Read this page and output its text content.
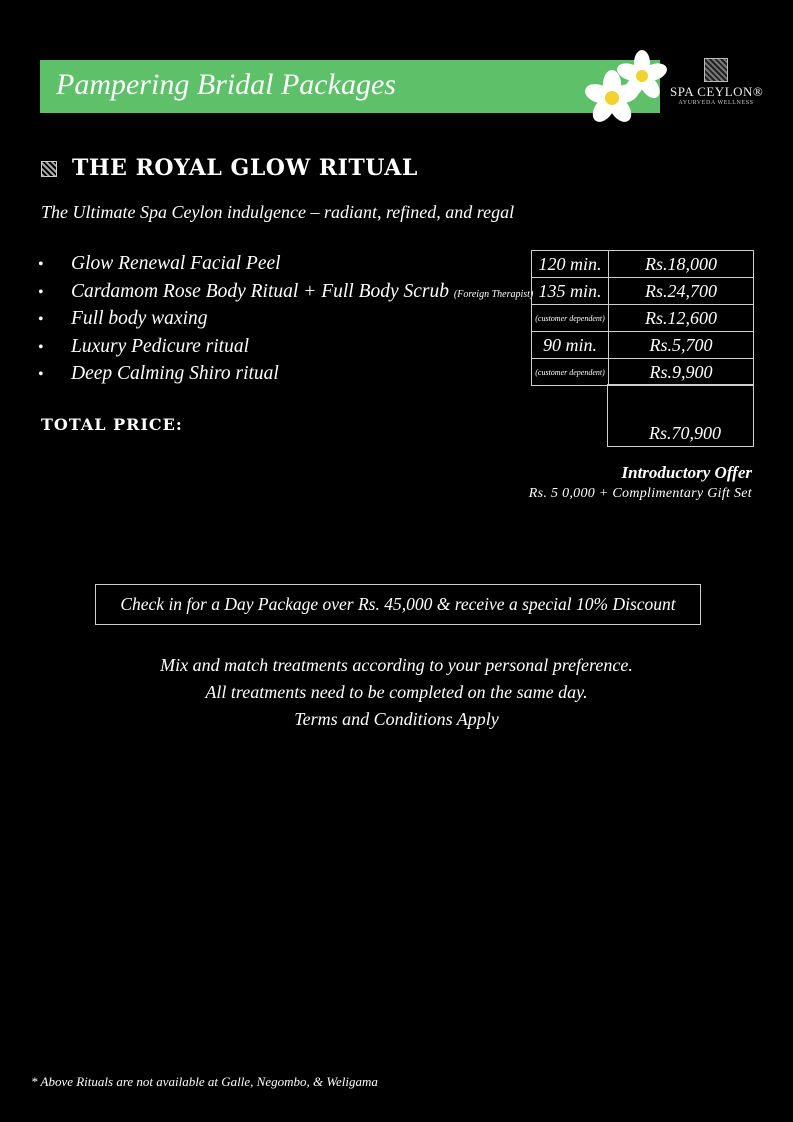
Pampering Bridal Packages	SPA CEYLON®
AYURVEDA WELLNESS
THE ROYAL GLOW RITUAL
The Ultimate Spa Ceylon indulgence – radiant, refined, and regal
• Glow Renewal Facial Peel
• Cardamom Rose Body Ritual + Full Body Scrub (Foreign Therapist)
• Full body waxing
• Luxury Pedicure ritual
• Deep Calming Shiro ritual
120 min.	Rs.18,000
135 min.	Rs.24,700

(customer dependent)	Rs.12,600
90 min.	Rs.5,700

(customer dependent)	Rs.9,900
TOTAL PRICE:	Rs.70,900
Introductory Offer
Rs. 5 0,000 + Complimentary Gift Set
Check in for a Day Package over Rs. 45,000 & receive a special 10% Discount
Mix and match treatments according to your personal preference.
All treatments need to be completed on the same day.
Terms and Conditions Apply
* Above Rituals are not available at Galle, Negombo, & Weligama
